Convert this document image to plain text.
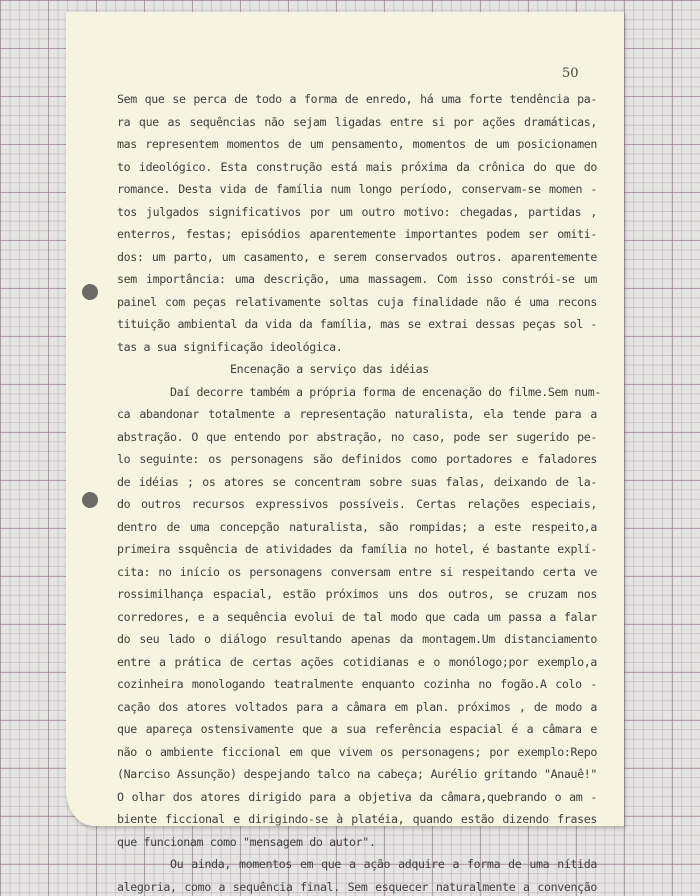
50
Sem que se perca de todo a forma de enredo, há uma forte tendência pa-
ra que as sequências não sejam ligadas entre si por ações dramáticas,
mas representem momentos de um pensamento, momentos de um posicionamen
to ideológico. Esta construção está mais próxima da crônica do que do
romance. Desta vida de família num longo período, conservam-se momen -
tos julgados significativos por um outro motivo: chegadas, partidas ,
enterros, festas; episódios aparentemente importantes podem ser omiti-
dos: um parto, um casamento, e serem conservados outros. aparentemente
sem importância: uma descrição, uma massagem. Com isso constrói-se um
painel com peças relativamente soltas cuja finalidade não é uma recons
tituição ambiental da vida da família, mas se extrai dessas peças sol -
tas a sua significação ideológica.
Encenação a serviço das idéias
Daí decorre também a própria forma de encenação do filme.Sem num-
ca abandonar totalmente a representação naturalista, ela tende para a
abstração. O que entendo por abstração, no caso, pode ser sugerido pe-
lo seguinte: os personagens são definidos como portadores e faladores
de idéias ; os atores se concentram sobre suas falas, deixando de la-
do outros recursos expressivos possíveis. Certas relações especiais,
dentro de uma concepção naturalista, são rompidas; a este respeito,a
primeira ssquência de atividades da família no hotel, é bastante explí-
cita: no início os personagens conversam entre si respeitando certa ve
rossimilhança espacial, estão próximos uns dos outros, se cruzam nos
corredores, e a sequência evolui de tal modo que cada um passa a falar
do seu lado o diálogo resultando apenas da montagem.Um distanciamento
entre a prática de certas ações cotidianas e o monólogo;por exemplo,a
cozinheira monologando teatralmente enquanto cozinha no fogão.A colo -
cação dos atores voltados para a câmara em plan. próximos , de modo a
que apareça ostensivamente que a sua referência espacial é a câmara e
não o ambiente ficcional em que vivem os personagens; por exemplo:Repo
(Narciso Assunção) despejando talco na cabeça; Aurélio gritando "Anauê!"
O olhar dos atores dirigido para a objetiva da câmara,quebrando o am -
biente ficcional e dirigindo-se à platéia, quando estão dizendo frases
que funcionam como "mensagem do autor".
Ou ainda, momentos em que a ação adquire a forma de uma nítida
alegoria, como a sequência final. Sem esquecer naturalmente a convenção
